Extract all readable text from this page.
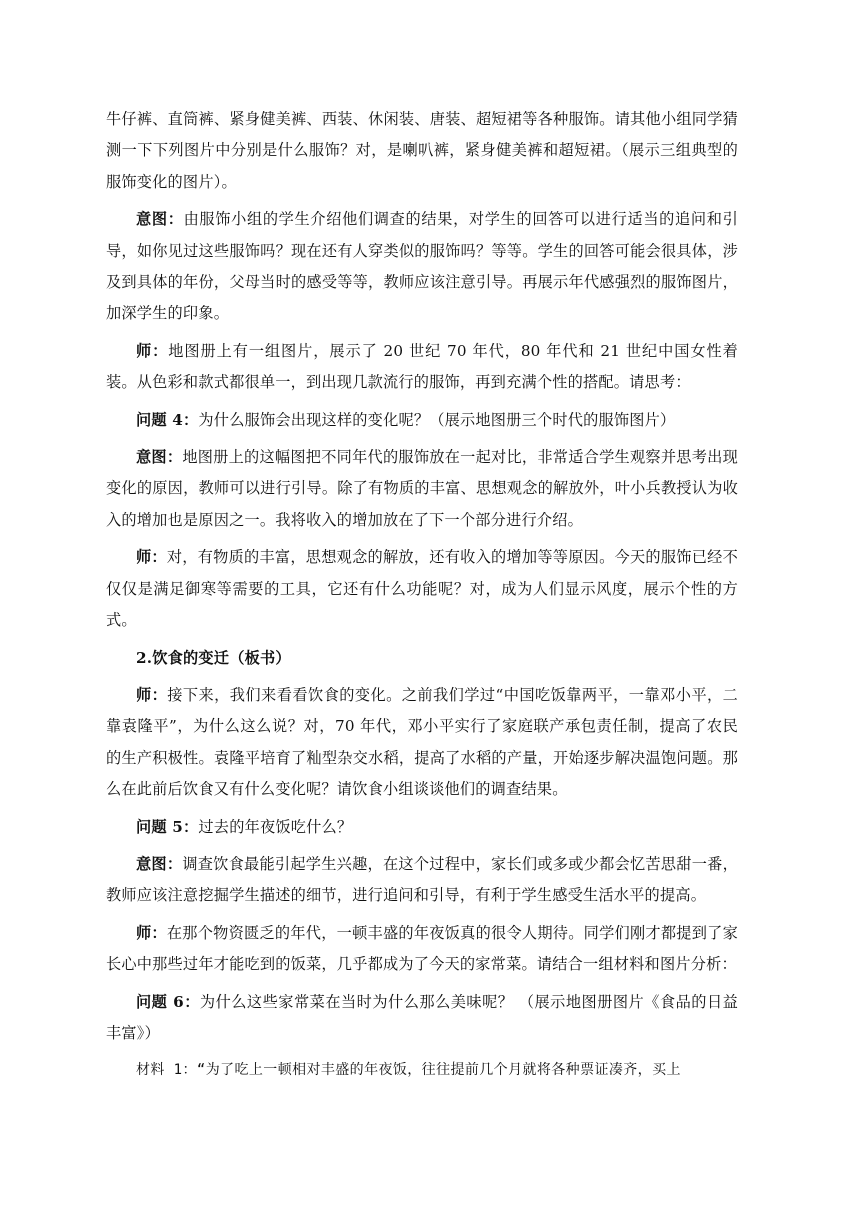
牛仔裤、直筒裤、紧身健美裤、西装、休闲装、唐装、超短裙等各种服饰。请其他小组同学猜测一下下列图片中分别是什么服饰？对，是喇叭裤，紧身健美裤和超短裙。（展示三组典型的服饰变化的图片）。

意图：由服饰小组的学生介绍他们调查的结果，对学生的回答可以进行适当的追问和引导，如你见过这些服饰吗？现在还有人穿类似的服饰吗？等等。学生的回答可能会很具体，涉及到具体的年份，父母当时的感受等等，教师应该注意引导。再展示年代感强烈的服饰图片，加深学生的印象。

师：地图册上有一组图片，展示了 20 世纪 70 年代，80 年代和 21 世纪中国女性着装。从色彩和款式都很单一，到出现几款流行的服饰，再到充满个性的搭配。请思考：

问题 4：为什么服饰会出现这样的变化呢？（展示地图册三个时代的服饰图片）

意图：地图册上的这幅图把不同年代的服饰放在一起对比，非常适合学生观察并思考出现变化的原因，教师可以进行引导。除了有物质的丰富、思想观念的解放外，叶小兵教授认为收入的增加也是原因之一。我将收入的增加放在了下一个部分进行介绍。

师：对，有物质的丰富，思想观念的解放，还有收入的增加等等原因。今天的服饰已经不仅仅是满足御寒等需要的工具，它还有什么功能呢？对，成为人们显示风度，展示个性的方式。

2.饮食的变迁（板书）

师：接下来，我们来看看饮食的变化。之前我们学过“中国吃饭靠两平，一靠邓小平，二靠袁隆平”，为什么这么说？对，70 年代，邓小平实行了家庭联产承包责任制，提高了农民的生产积极性。袁隆平培育了籼型杂交水稻，提高了水稻的产量，开始逐步解决温饱问题。那么在此前后饮食又有什么变化呢？请饮食小组谈谈他们的调查结果。

问题 5：过去的年夜饭吃什么？

意图：调查饮食最能引起学生兴趣，在这个过程中，家长们或多或少都会忆苦思甜一番，教师应该注意挖掘学生描述的细节，进行追问和引导，有利于学生感受生活水平的提高。

师：在那个物资匮乏的年代，一顿丰盛的年夜饭真的很令人期待。同学们刚才都提到了家长心中那些过年才能吃到的饭菜，几乎都成为了今天的家常菜。请结合一组材料和图片分析：

问题 6：为什么这些家常菜在当时为什么那么美味呢？ （展示地图册图片《食品的日益丰富》）

材料 1：“为了吃上一顿相对丰盛的年夜饭，往往提前几个月就将各种票证凑齐，买上
